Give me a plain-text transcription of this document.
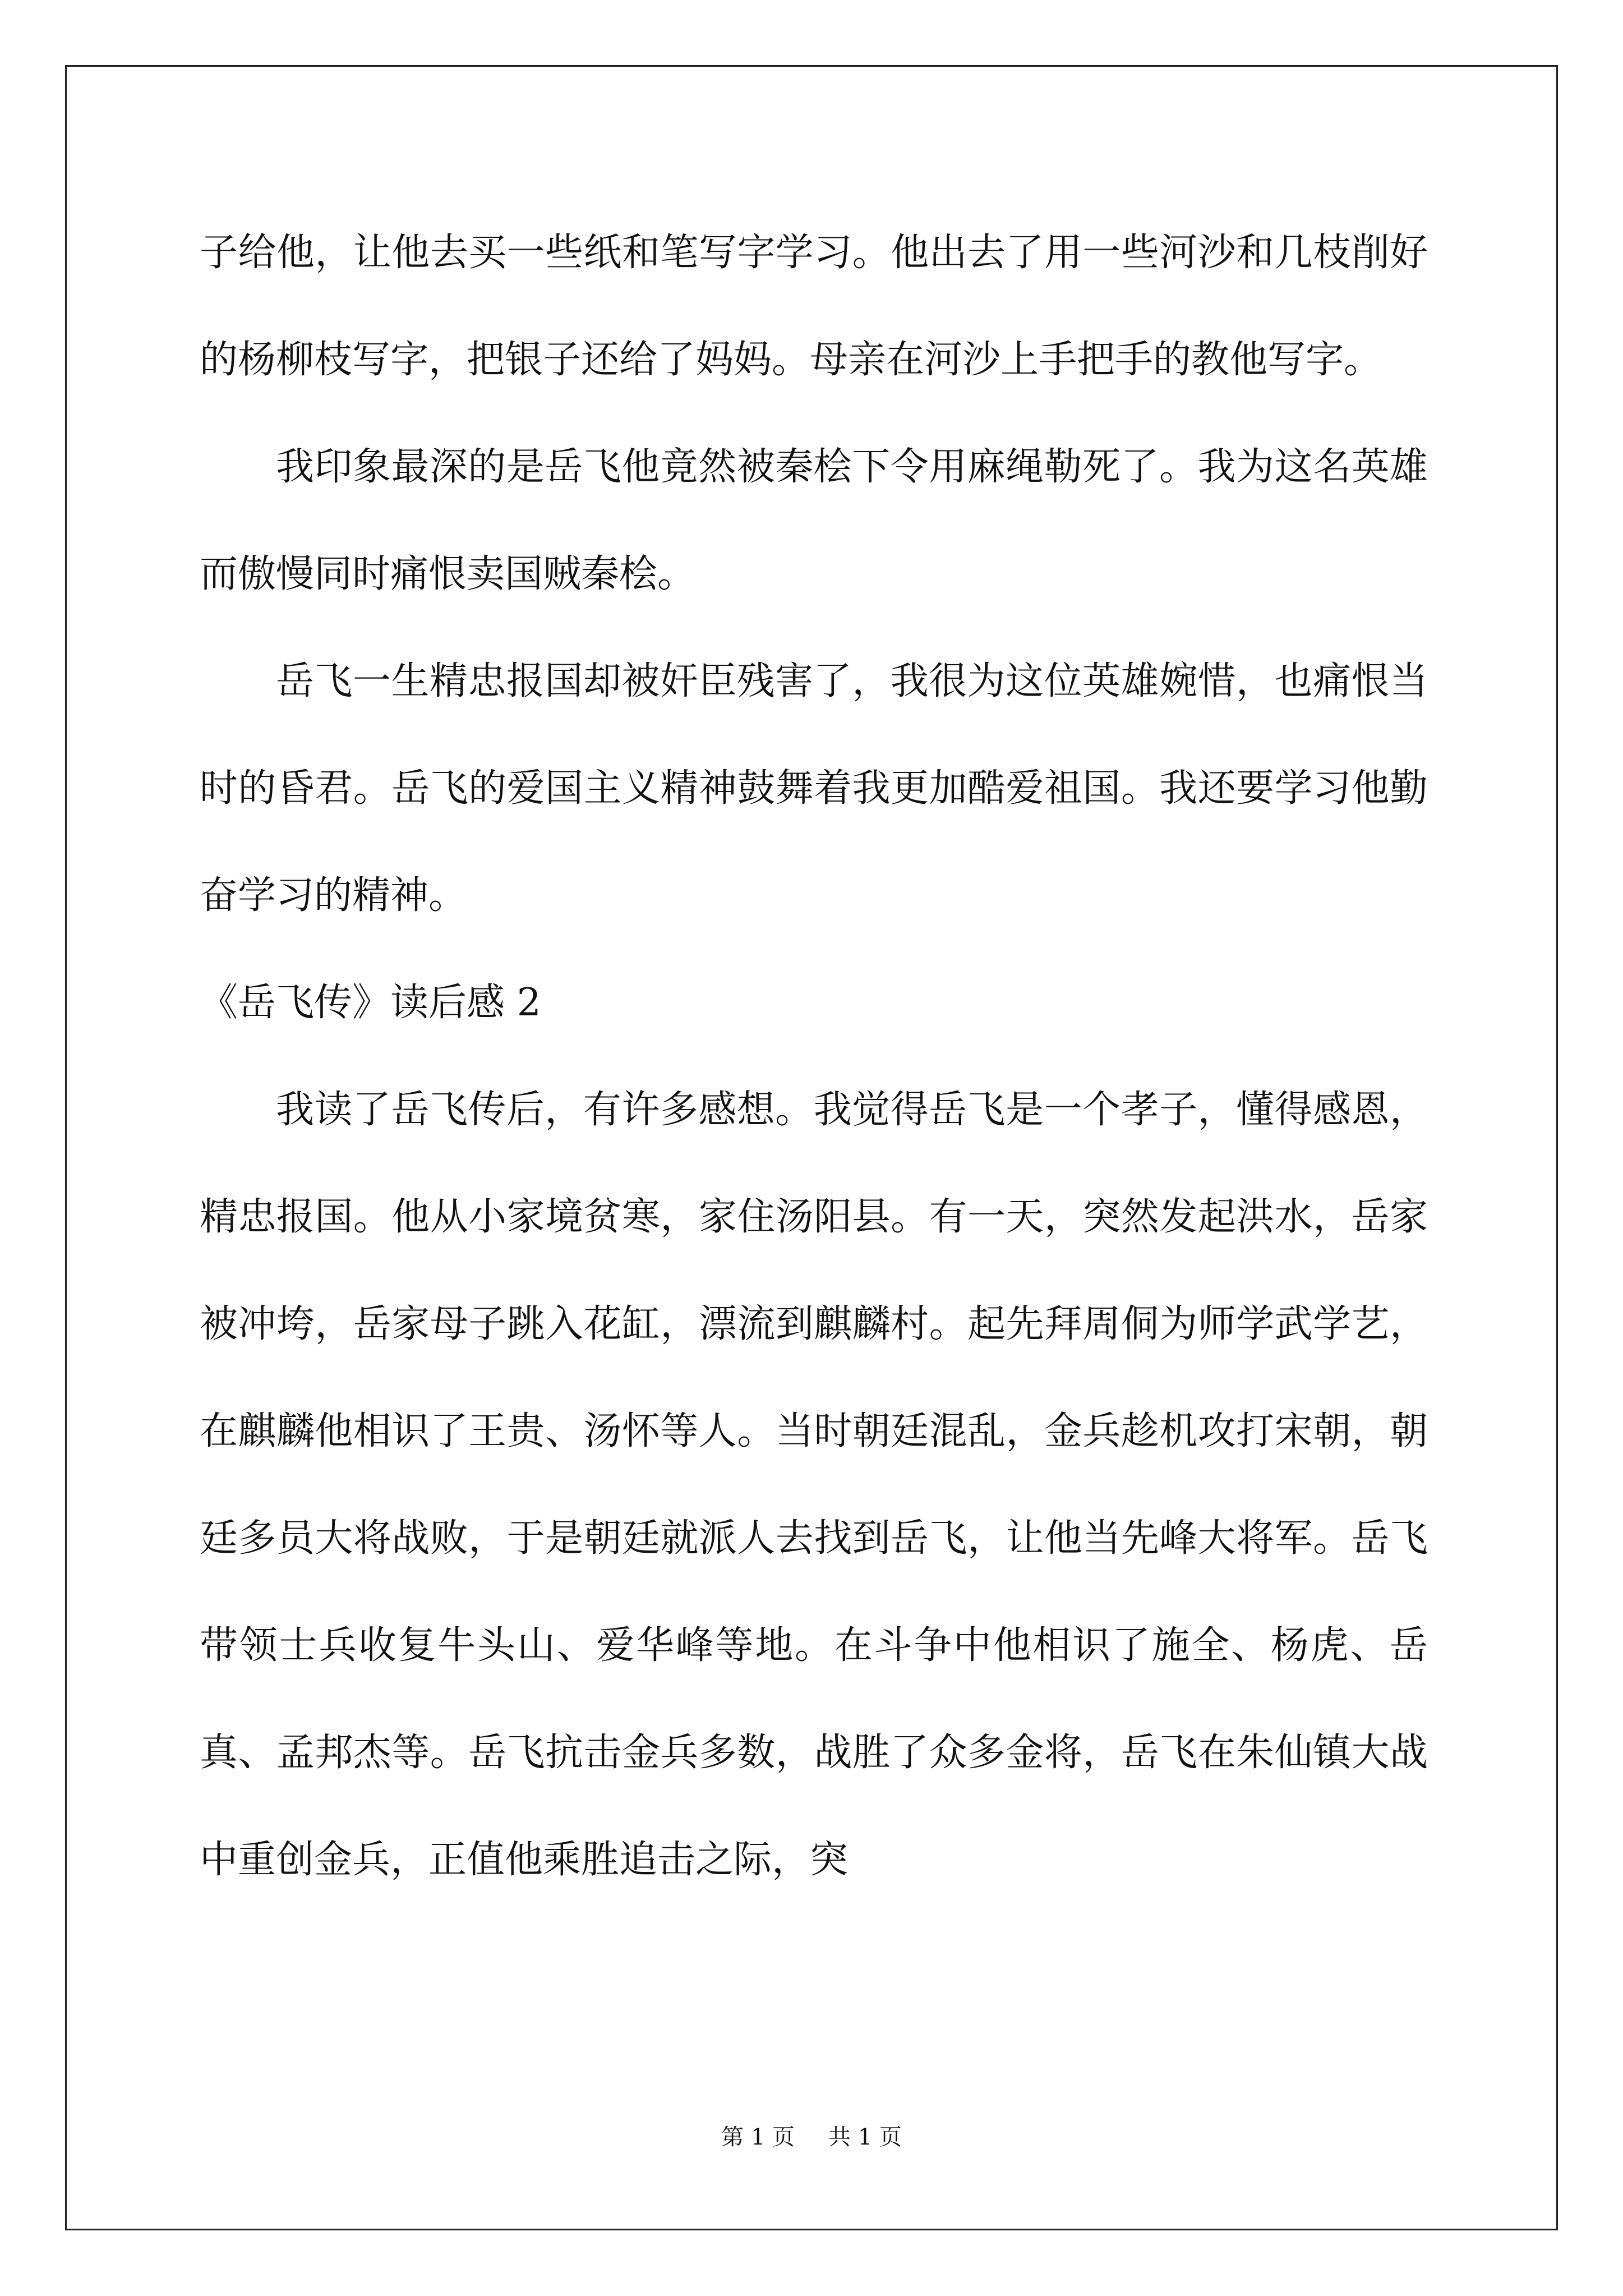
子给他，让他去买一些纸和笔写字学习。他出去了用一些河沙和几枝削好的杨柳枝写字，把银子还给了妈妈。母亲在河沙上手把手的教他写字。

我印象最深的是岳飞他竟然被秦桧下令用麻绳勒死了。我为这名英雄而傲慢同时痛恨卖国贼秦桧。

岳飞一生精忠报国却被奸臣残害了，我很为这位英雄婉惜，也痛恨当时的昏君。岳飞的爱国主义精神鼓舞着我更加酷爱祖国。我还要学习他勤奋学习的精神。

《岳飞传》读后感 2

我读了岳飞传后，有许多感想。我觉得岳飞是一个孝子，懂得感恩，精忠报国。他从小家境贫寒，家住汤阳县。有一天，突然发起洪水，岳家被冲垮，岳家母子跳入花缸，漂流到麒麟村。起先拜周侗为师学武学艺，在麒麟他相识了王贵、汤怀等人。当时朝廷混乱，金兵趁机攻打宋朝，朝廷多员大将战败，于是朝廷就派人去找到岳飞，让他当先峰大将军。岳飞带领士兵收复牛头山、爱华峰等地。在斗争中他相识了施全、杨虎、岳真、孟邦杰等。岳飞抗击金兵多数，战胜了众多金将，岳飞在朱仙镇大战中重创金兵，正值他乘胜追击之际，突

第 1 页 共 1 页
